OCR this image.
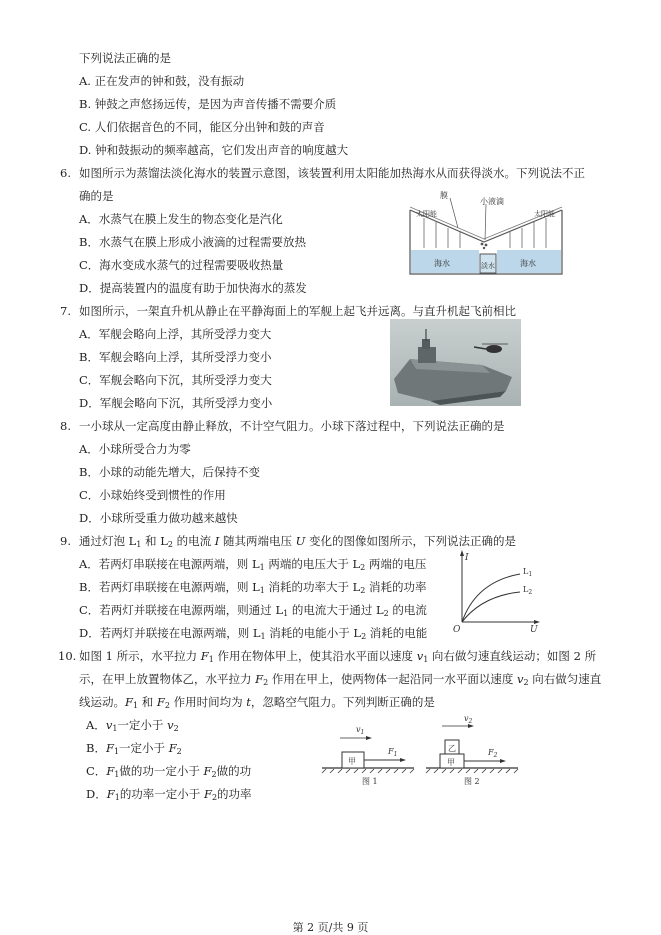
下列说法正确的是
A. 正在发声的钟和鼓，没有振动
B. 钟鼓之声悠扬远传，是因为声音传播不需要介质
C. 人们依据音色的不同，能区分出钟和鼓的声音
D. 钟和鼓振动的频率越高，它们发出声音的响度越大
6. 如图所示为蒸馏法淡化海水的装置示意图，该装置利用太阳能加热海水从而获得淡水。下列说法不正
确的是
A．水蒸气在膜上发生的物态变化是汽化
B．水蒸气在膜上形成小液滴的过程需要放热
C．海水变成水蒸气的过程需要吸收热量
D．提高装置内的温度有助于加快海水的蒸发
膜
小液滴
太阳能	太阳能
海水	淡水	海水
7. 如图所示，一架直升机从静止在平静海面上的军舰上起飞并远离。与直升机起飞前相比
A．军舰会略向上浮，其所受浮力变大
B．军舰会略向上浮，其所受浮力变小
C．军舰会略向下沉，其所受浮力变大
D．军舰会略向下沉，其所受浮力变小
8. 一小球从一定高度由静止释放，不计空气阻力。小球下落过程中，下列说法正确的是
A．小球所受合力为零
B．小球的动能先增大，后保持不变
C．小球始终受到惯性的作用
D．小球所受重力做功越来越快
9. 通过灯泡 $L_1$ 和 $L_2$ 的电流 I 随其两端电压 U 变化的图像如图所示，下列说法正确的是
A．若两灯串联接在电源两端，则 $L_1$ 两端的电压大于 $L_2$ 两端的电压
B．若两灯串联接在电源两端，则 $L_1$ 消耗的功率大于 $L_2$ 消耗的功率
C．若两灯并联接在电源两端，则通过 $L_1$ 的电流大于通过 $L_2$ 的电流
D．若两灯并联接在电源两端，则 $L_1$ 消耗的电能小于 $L_2$ 消耗的电能
I
U
O
$L_1$
$L_2$
10. 如图 1 所示，水平拉力 $F_1$ 作用在物体甲上，使其沿水平面以速度 $v_1$ 向右做匀速直线运动；如图 2 所
示，在甲上放置物体乙，水平拉力 $F_2$ 作用在甲上，使两物体一起沿同一水平面以速度 $v_2$ 向右做匀速直
线运动。$F_1$ 和 $F_2$ 作用时间均为 t，忽略空气阻力。下列判断正确的是
A．$v_1$一定小于 $v_2$
B．$F_1$一定小于 $F_2$
C．$F_1$做的功一定小于 $F_2$做的功
D．$F_1$的功率一定小于 $F_2$的功率
甲
$F_1$
$v_1$
图 1
甲
乙	$F_2$
$v_2$
图 2
第 2 页/共 9 页
